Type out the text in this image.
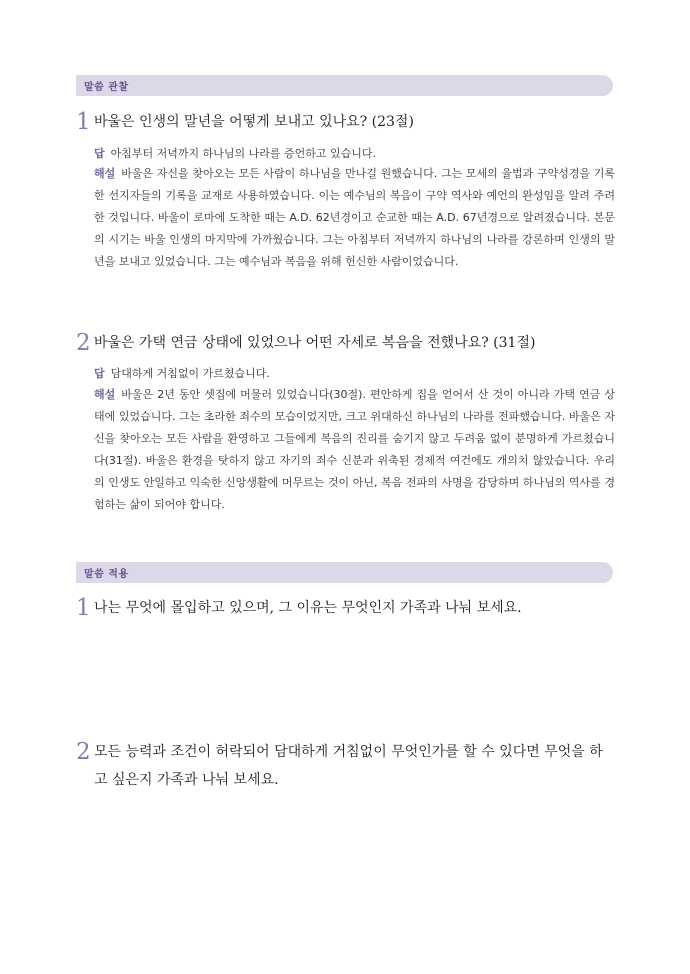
말씀 관찰
1 바울은 인생의 말년을 어떻게 보내고 있나요? (23절)
답 아침부터 저녁까지 하나님의 나라를 증언하고 있습니다.
해설 바울은 자신을 찾아오는 모든 사람이 하나님을 만나길 원했습니다. 그는 모세의 율법과 구약성경을 기록한 선지자들의 기록을 교재로 사용하였습니다. 이는 예수님의 복음이 구약 역사와 예언의 완성임을 알려 주려 한 것입니다. 바울이 로마에 도착한 때는 A.D. 62년경이고 순교한 때는 A.D. 67년경으로 알려졌습니다. 본문의 시기는 바울 인생의 마지막에 가까웠습니다. 그는 아침부터 저녁까지 하나님의 나라를 강론하며 인생의 말년을 보내고 있었습니다. 그는 예수님과 복음을 위해 헌신한 사람이었습니다.
2 바울은 가택 연금 상태에 있었으나 어떤 자세로 복음을 전했나요? (31절)
답 담대하게 거침없이 가르쳤습니다.
해설 바울은 2년 동안 셋집에 머물러 있었습니다(30절). 편안하게 집을 얻어서 산 것이 아니라 가택 연금 상태에 있었습니다. 그는 초라한 죄수의 모습이었지만, 크고 위대하신 하나님의 나라를 전파했습니다. 바울은 자신을 찾아오는 모든 사람을 환영하고 그들에게 복음의 진리를 숨기지 않고 두려움 없이 분명하게 가르쳤습니다(31절). 바울은 환경을 탓하지 않고 자기의 죄수 신분과 위축된 경제적 여건에도 개의치 않았습니다. 우리의 인생도 안일하고 익숙한 신앙생활에 머무르는 것이 아닌, 복음 전파의 사명을 감당하며 하나님의 역사를 경험하는 삶이 되어야 합니다.
말씀 적용
1 나는 무엇에 몰입하고 있으며, 그 이유는 무엇인지 가족과 나눠 보세요.
2 모든 능력과 조건이 허락되어 담대하게 거침없이 무엇인가를 할 수 있다면 무엇을 하고 싶은지 가족과 나눠 보세요.
